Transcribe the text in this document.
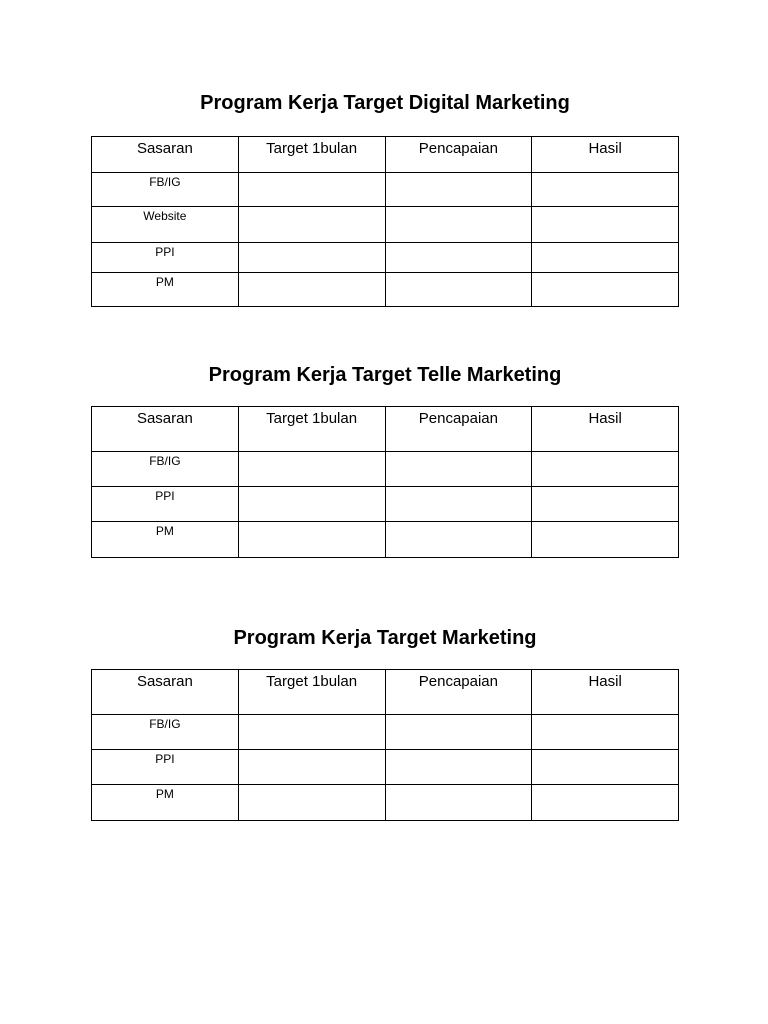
Program Kerja Target Digital Marketing
Sasaran	Target 1bulan	Pencapaian	Hasil
FB/IG			
Website			
PPI			
PM			
Program Kerja Target Telle Marketing
Sasaran	Target 1bulan	Pencapaian	Hasil
FB/IG			
PPI			
PM			
Program Kerja Target Marketing
Sasaran	Target 1bulan	Pencapaian	Hasil
FB/IG			
PPI			
PM			
